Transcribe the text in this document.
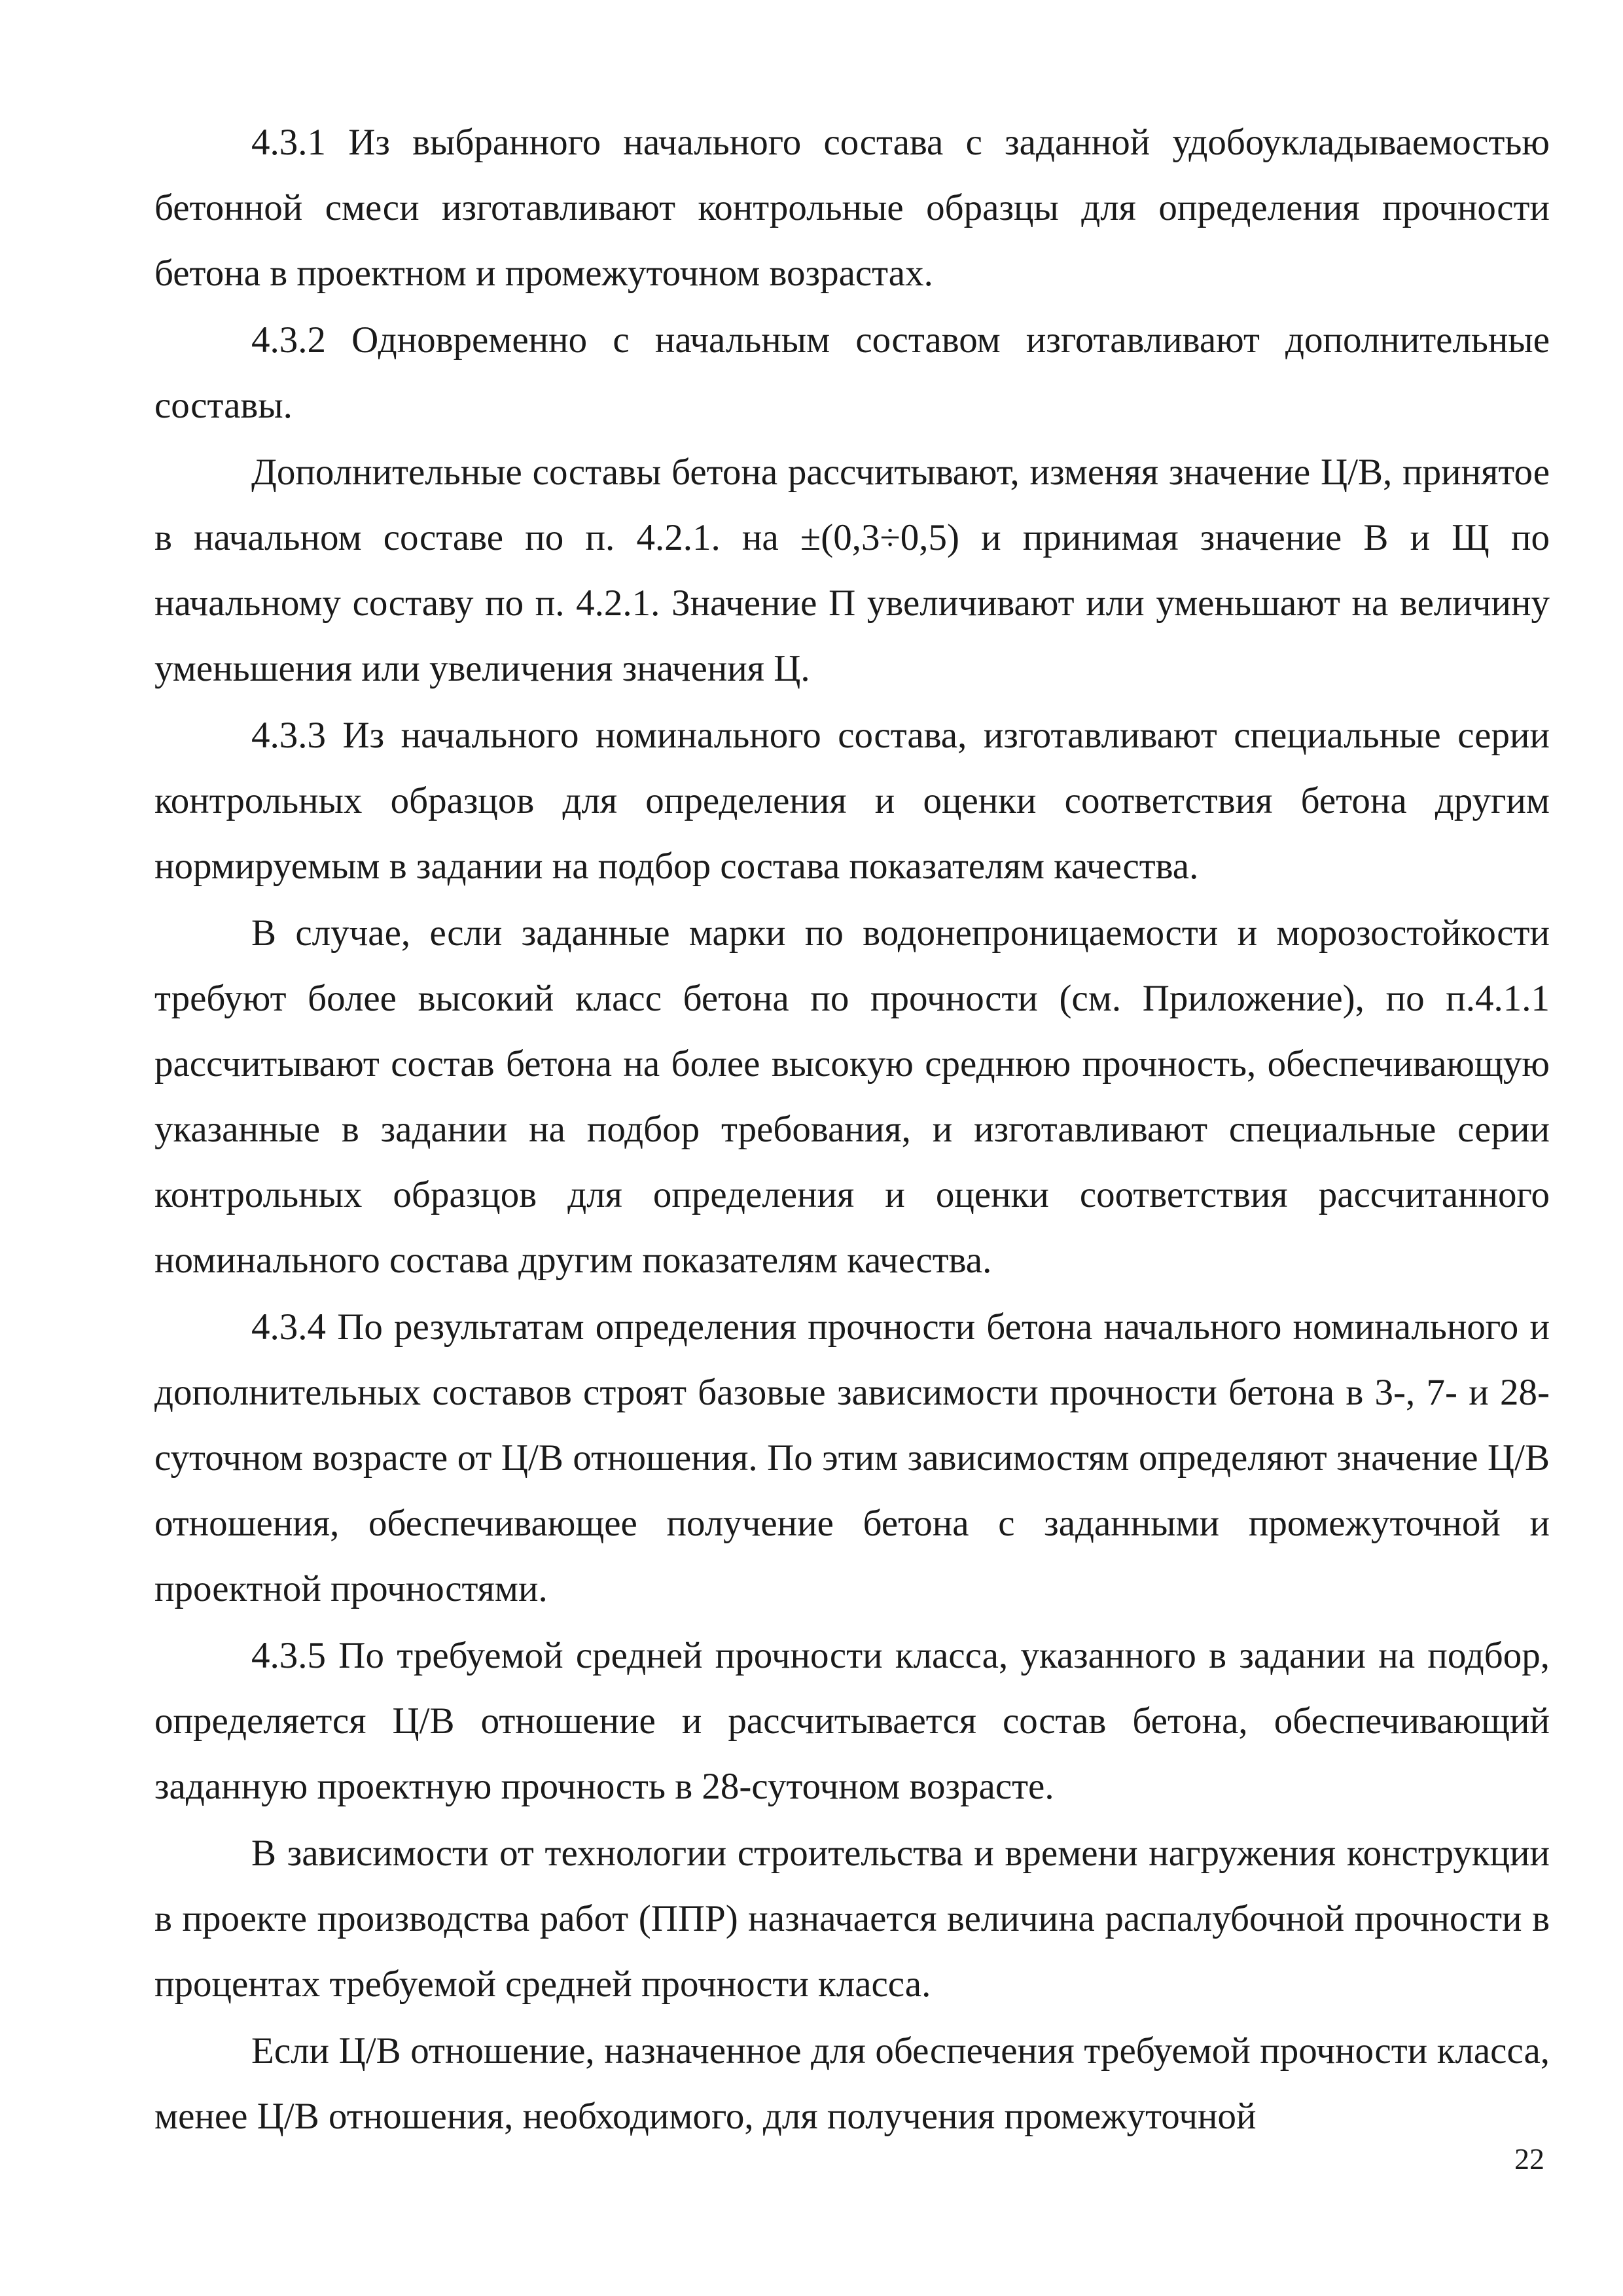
4.3.1 Из выбранного начального состава с заданной удобоукладываемостью бетонной смеси изготавливают контрольные образцы для определения прочности бетона в проектном и промежуточном возрастах.

4.3.2 Одновременно с начальным составом изготавливают дополнительные составы.

Дополнительные составы бетона рассчитывают, изменяя значение Ц/В, принятое в начальном составе по п. 4.2.1. на ±(0,3÷0,5) и принимая значение В и Щ по начальному составу по п. 4.2.1. Значение П увеличивают или уменьшают на величину уменьшения или увеличения значения Ц.

4.3.3 Из начального номинального состава, изготавливают специальные серии контрольных образцов для определения и оценки соответствия бетона другим нормируемым в задании на подбор состава показателям качества.

В случае, если заданные марки по водонепроницаемости и морозостойкости требуют более высокий класс бетона по прочности (см. Приложение), по п.4.1.1 рассчитывают состав бетона на более высокую среднюю прочность, обеспечивающую указанные в задании на подбор требования, и изготавливают специальные серии контрольных образцов для определения и оценки соответствия рассчитанного номинального состава другим показателям качества.

4.3.4 По результатам определения прочности бетона начального номинального и дополнительных составов строят базовые зависимости прочности бетона в 3-, 7- и 28-суточном возрасте от Ц/В отношения. По этим зависимостям определяют значение Ц/В отношения, обеспечивающее получение бетона с заданными промежуточной и проектной прочностями.

4.3.5 По требуемой средней прочности класса, указанного в задании на подбор, определяется Ц/В отношение и рассчитывается состав бетона, обеспечивающий заданную проектную прочность в 28-суточном возрасте.

В зависимости от технологии строительства и времени нагружения конструкции в проекте производства работ (ППР) назначается величина распалубочной прочности в процентах требуемой средней прочности класса.

Если Ц/В отношение, назначенное для обеспечения требуемой прочности класса, менее Ц/В отношения, необходимого, для получения промежуточной

22
